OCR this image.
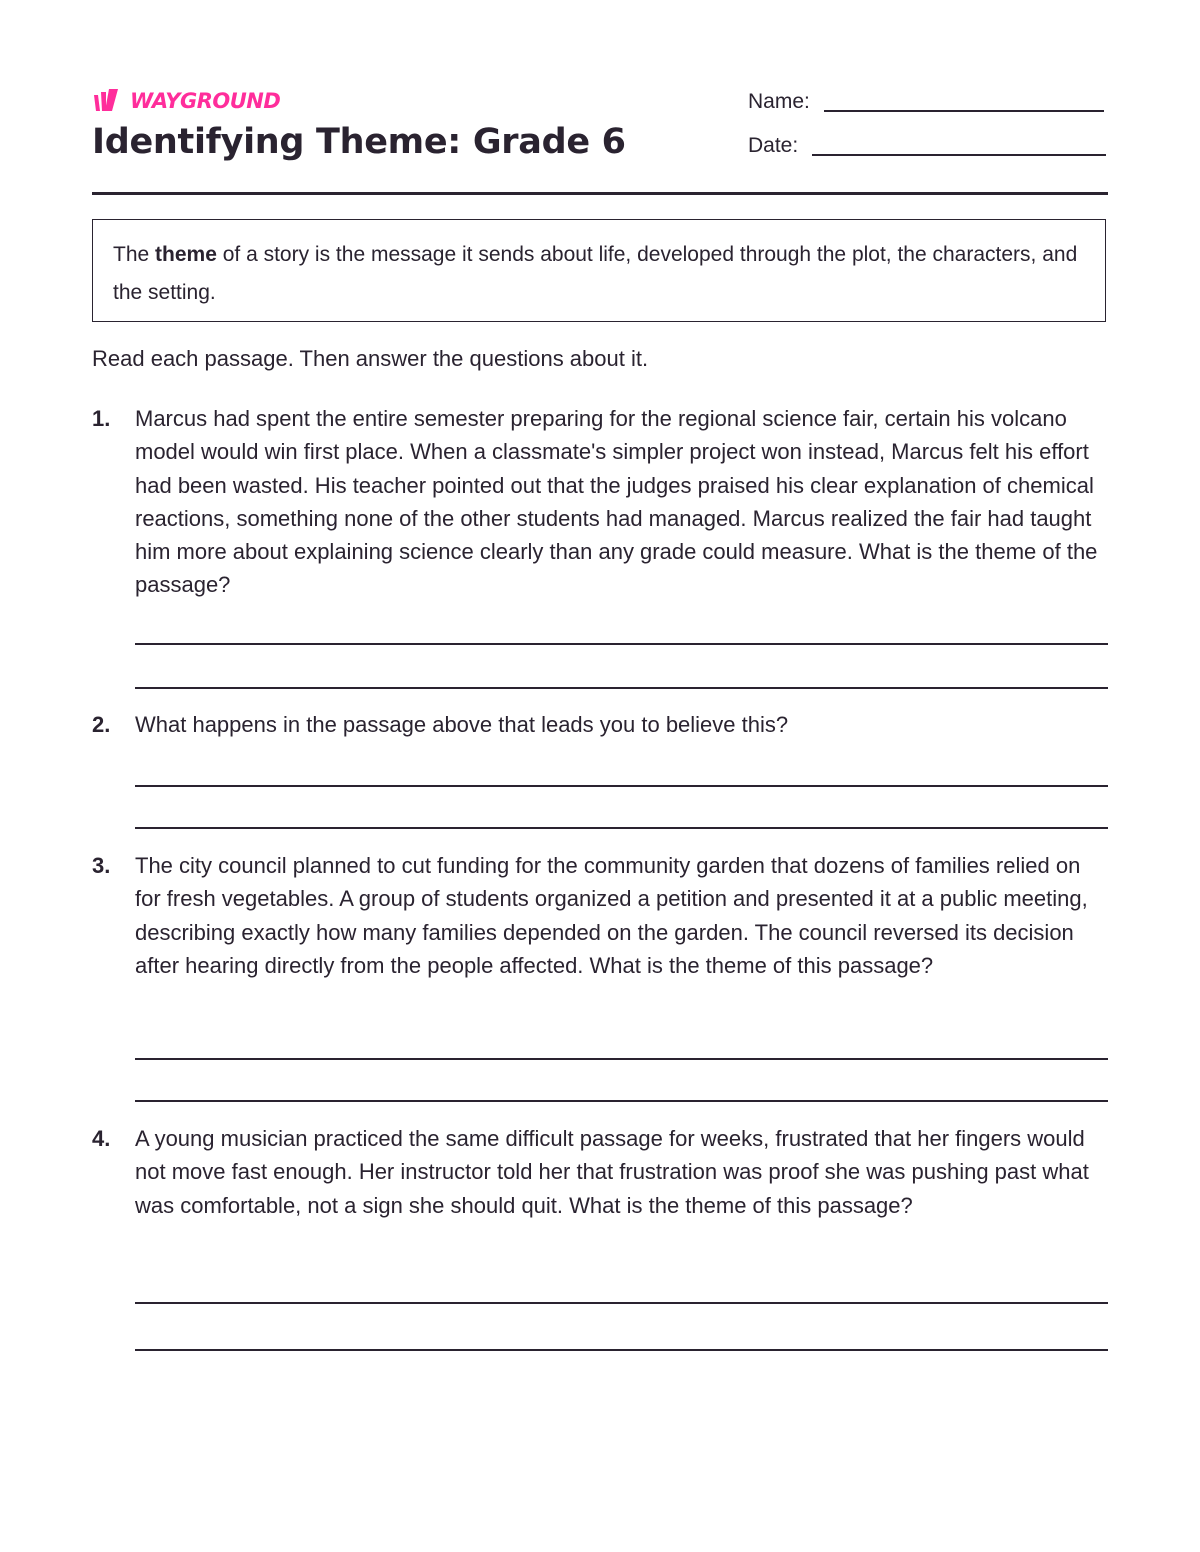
WAYGROUND
Identifying Theme: Grade 6
Name:
Date:
The theme of a story is the message it sends about life, developed through the plot, the characters, and the setting.
Read each passage. Then answer the questions about it.
1. Marcus had spent the entire semester preparing for the regional science fair, certain his volcano model would win first place. When a classmate's simpler project won instead, Marcus felt his effort had been wasted. His teacher pointed out that the judges praised his clear explanation of chemical reactions, something none of the other students had managed. Marcus realized the fair had taught him more about explaining science clearly than any grade could measure. What is the theme of the passage?

2. What happens in the passage above that leads you to believe this?

3. The city council planned to cut funding for the community garden that dozens of families relied on for fresh vegetables. A group of students organized a petition and presented it at a public meeting, describing exactly how many families depended on the garden. The council reversed its decision after hearing directly from the people affected. What is the theme of this passage?

4. A young musician practiced the same difficult passage for weeks, frustrated that her fingers would not move fast enough. Her instructor told her that frustration was proof she was pushing past what was comfortable, not a sign she should quit. What is the theme of this passage?
